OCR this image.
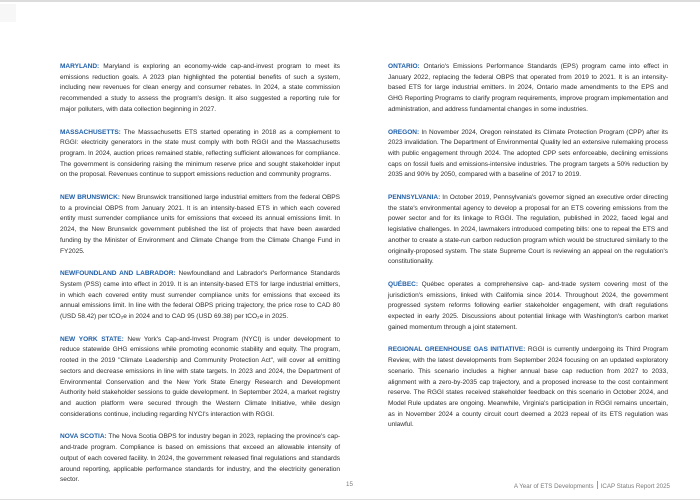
MARYLAND: Maryland is exploring an economy-wide cap-and-invest program to meet its emissions reduction goals. A 2023 plan highlighted the potential benefits of such a system, including new revenues for clean energy and consumer rebates. In 2024, a state commission recommended a study to assess the program's design. It also suggested a reporting rule for major polluters, with data collection beginning in 2027.

MASSACHUSETTS: The Massachusetts ETS started operating in 2018 as a complement to RGGI: electricity generators in the state must comply with both RGGI and the Massachusetts program. In 2024, auction prices remained stable, reflecting sufficient allowances for compliance. The government is considering raising the minimum reserve price and sought stakeholder input on the proposal. Revenues continue to support emissions reduction and community programs.

NEW BRUNSWICK: New Brunswick transitioned large industrial emitters from the federal OBPS to a provincial OBPS from January 2021. It is an intensity-based ETS in which each covered entity must surrender compliance units for emissions that exceed its annual emissions limit. In 2024, the New Brunswick government published the list of projects that have been awarded funding by the Minister of Environment and Climate Change from the Climate Change Fund in FY2025.

NEWFOUNDLAND AND LABRADOR: Newfoundland and Labrador's Performance Standards System (PSS) came into effect in 2019. It is an intensity-based ETS for large industrial emitters, in which each covered entity must surrender compliance units for emissions that exceed its annual emissions limit. In line with the federal OBPS pricing trajectory, the price rose to CAD 80 (USD 58.42) per tCO₂e in 2024 and to CAD 95 (USD 69.38) per tCO₂e in 2025.

NEW YORK STATE: New York's Cap-and-Invest Program (NYCI) is under development to reduce statewide GHG emissions while promoting economic stability and equity. The program, rooted in the 2019 "Climate Leadership and Community Protection Act", will cover all emitting sectors and decrease emissions in line with state targets. In 2023 and 2024, the Department of Environmental Conservation and the New York State Energy Research and Development Authority held stakeholder sessions to guide development. In September 2024, a market registry and auction platform were secured through the Western Climate Initiative, while design considerations continue, including regarding NYCI's interaction with RGGI.

NOVA SCOTIA: The Nova Scotia OBPS for industry began in 2023, replacing the province's cap-and-trade program. Compliance is based on emissions that exceed an allowable intensity of output of each covered facility. In 2024, the government released final regulations and standards around reporting, applicable performance standards for industry, and the electricity generation sector.

ONTARIO: Ontario's Emissions Performance Standards (EPS) program came into effect in January 2022, replacing the federal OBPS that operated from 2019 to 2021. It is an intensity-based ETS for large industrial emitters. In 2024, Ontario made amendments to the EPS and GHG Reporting Programs to clarify program requirements, improve program implementation and administration, and address fundamental changes in some industries.

OREGON: In November 2024, Oregon reinstated its Climate Protection Program (CPP) after its 2023 invalidation. The Department of Environmental Quality led an extensive rulemaking process with public engagement through 2024. The adopted CPP sets enforceable, declining emissions caps on fossil fuels and emissions-intensive industries. The program targets a 50% reduction by 2035 and 90% by 2050, compared with a baseline of 2017 to 2019.

PENNSYLVANIA: In October 2019, Pennsylvania's governor signed an executive order directing the state's environmental agency to develop a proposal for an ETS covering emissions from the power sector and for its linkage to RGGI. The regulation, published in 2022, faced legal and legislative challenges. In 2024, lawmakers introduced competing bills: one to repeal the ETS and another to create a state-run carbon reduction program which would be structured similarly to the originally-proposed system. The state Supreme Court is reviewing an appeal on the regulation's constitutionality.

QUÉBEC: Québec operates a comprehensive cap- and-trade system covering most of the jurisdiction's emissions, linked with California since 2014. Throughout 2024, the government progressed system reforms following earlier stakeholder engagement, with draft regulations expected in early 2025. Discussions about potential linkage with Washington's carbon market gained momentum through a joint statement.

REGIONAL GREENHOUSE GAS INITIATIVE: RGGI is currently undergoing its Third Program Review, with the latest developments from September 2024 focusing on an updated exploratory scenario. This scenario includes a higher annual base cap reduction from 2027 to 2033, alignment with a zero-by-2035 cap trajectory, and a proposed increase to the cost containment reserve. The RGGI states received stakeholder feedback on this scenario in October 2024, and Model Rule updates are ongoing. Meanwhile, Virginia's participation in RGGI remains uncertain, as in November 2024 a county circuit court deemed a 2023 repeal of its ETS regulation was unlawful.

15	A Year of ETS Developments ICAP Status Report 2025
